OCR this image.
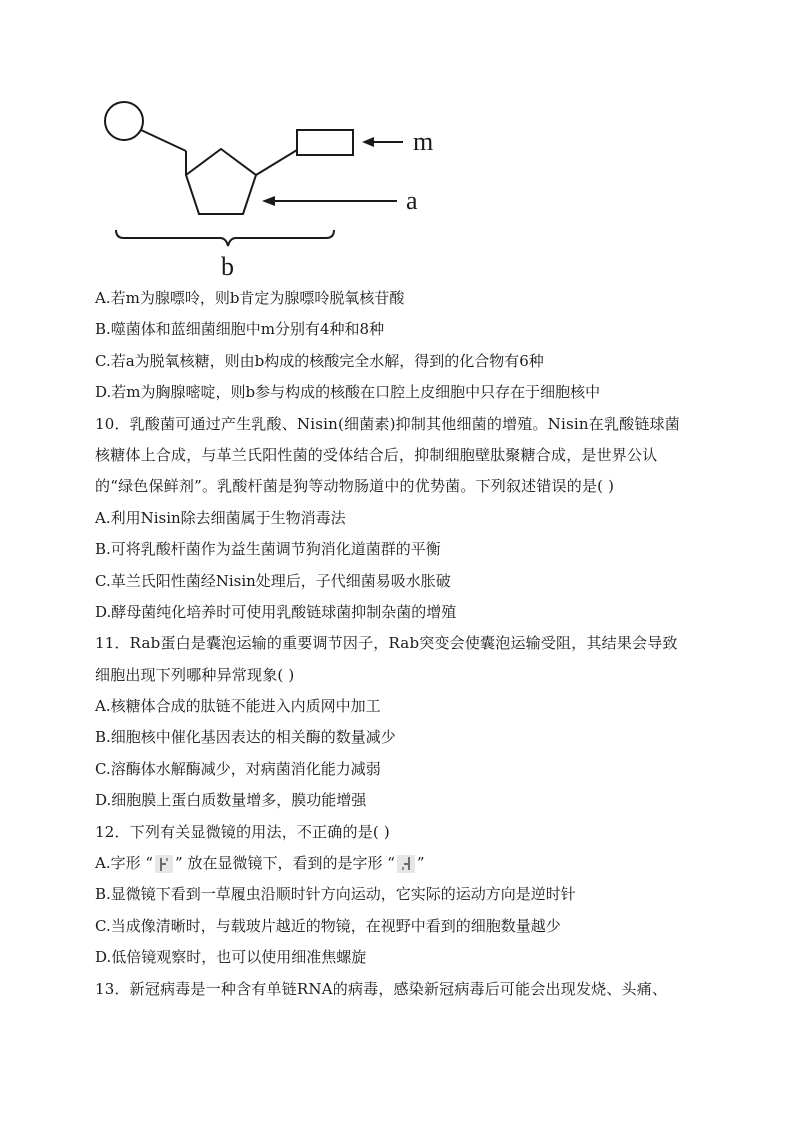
m
a
b
A.若m为腺嘌呤，则b肯定为腺嘌呤脱氧核苷酸
B.噬菌体和蓝细菌细胞中m分别有4种和8种
C.若a为脱氧核糖，则由b构成的核酸完全水解，得到的化合物有6种
D.若m为胸腺嘧啶，则b参与构成的核酸在口腔上皮细胞中只存在于细胞核中
10．乳酸菌可通过产生乳酸、Nisin(细菌素)抑制其他细菌的增殖。Nisin在乳酸链球菌
核糖体上合成，与革兰氏阳性菌的受体结合后，抑制细胞壁肽聚糖合成，是世界公认
的“绿色保鲜剂”。乳酸杆菌是狗等动物肠道中的优势菌。下列叙述错误的是( )
A.利用Nisin除去细菌属于生物消毒法
B.可将乳酸杆菌作为益生菌调节狗消化道菌群的平衡
C.革兰氏阳性菌经Nisin处理后，子代细菌易吸水胀破
D.酵母菌纯化培养时可使用乳酸链球菌抑制杂菌的增殖
11．Rab蛋白是囊泡运输的重要调节因子，Rab突变会使囊泡运输受阻，其结果会导致
细胞出现下列哪种异常现象( )
A.核糖体合成的肽链不能进入内质网中加工
B.细胞核中催化基因表达的相关酶的数量减少
C.溶酶体水解酶减少，对病菌消化能力减弱
D.细胞膜上蛋白质数量增多，膜功能增强
12．下列有关显微镜的用法，不正确的是( )
A.字形 “ ” 放在显微镜下，看到的是字形 “ ”
B.显微镜下看到一草履虫沿顺时针方向运动，它实际的运动方向是逆时针
C.当成像清晰时，与载玻片越近的物镜，在视野中看到的细胞数量越少
D.低倍镜观察时，也可以使用细准焦螺旋
13．新冠病毒是一种含有单链RNA的病毒，感染新冠病毒后可能会出现发烧、头痛、
